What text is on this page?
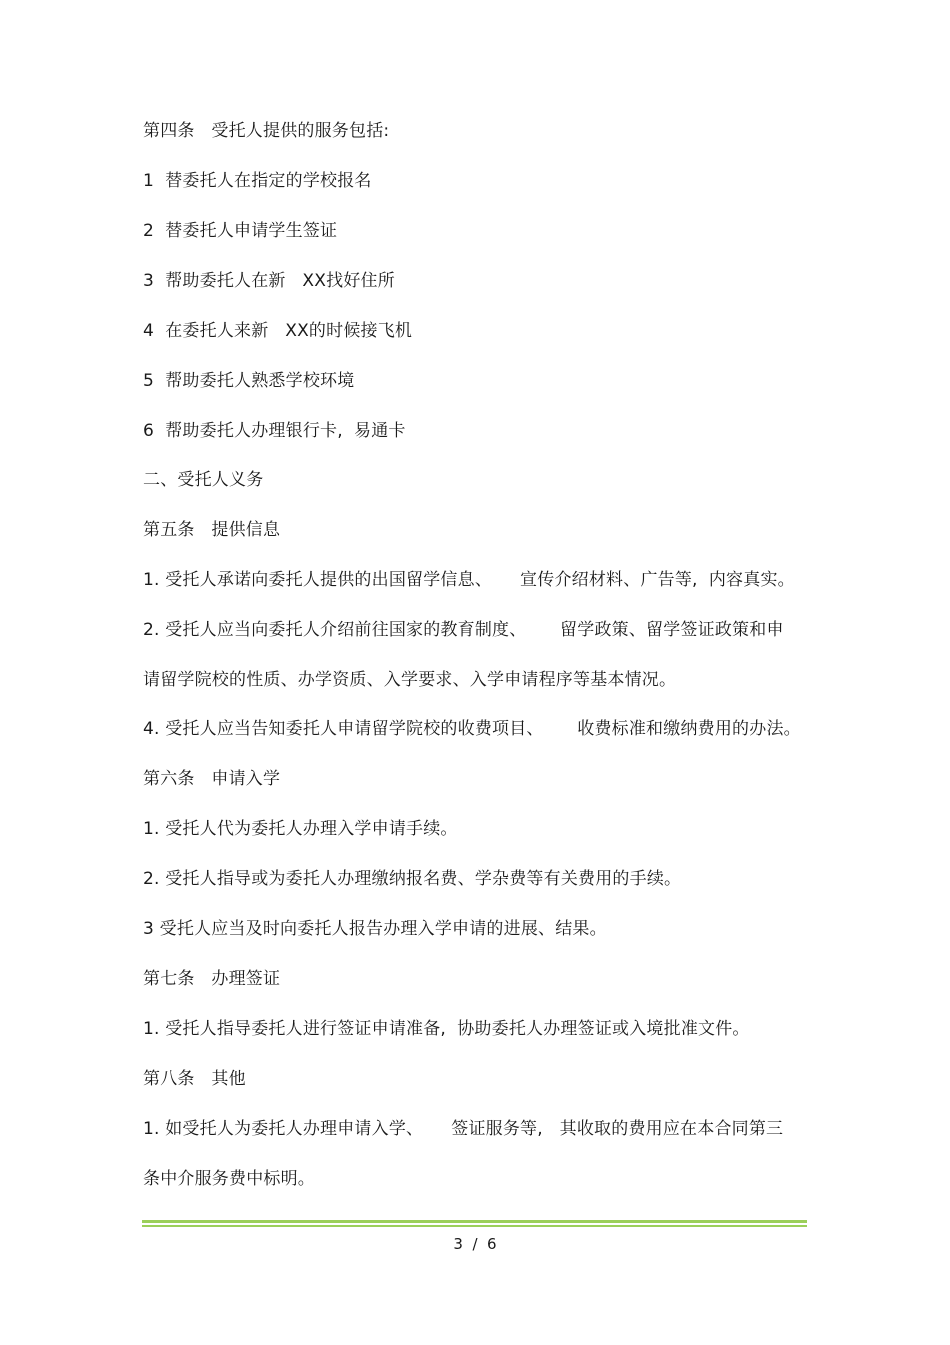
第四条   受托人提供的服务包括:
1  替委托人在指定的学校报名
2  替委托人申请学生签证
3  帮助委托人在新   XX找好住所
4  在委托人来新   XX的时候接飞机
5  帮助委托人熟悉学校环境
6  帮助委托人办理银行卡,  易通卡
二、受托人义务
第五条   提供信息
1. 受托人承诺向委托人提供的出国留学信息、     宣传介绍材料、广告等,  内容真实。
2. 受托人应当向委托人介绍前往国家的教育制度、      留学政策、留学签证政策和申
请留学院校的性质、办学资质、入学要求、入学申请程序等基本情况。
4. 受托人应当告知委托人申请留学院校的收费项目、      收费标准和缴纳费用的办法。
第六条   申请入学
1. 受托人代为委托人办理入学申请手续。
2. 受托人指导或为委托人办理缴纳报名费、学杂费等有关费用的手续。
3 受托人应当及时向委托人报告办理入学申请的进展、结果。
第七条   办理签证
1. 受托人指导委托人进行签证申请准备,  协助委托人办理签证或入境批准文件。
第八条   其他
1. 如受托人为委托人办理申请入学、     签证服务等,   其收取的费用应在本合同第三
条中介服务费中标明。
3  /  6
